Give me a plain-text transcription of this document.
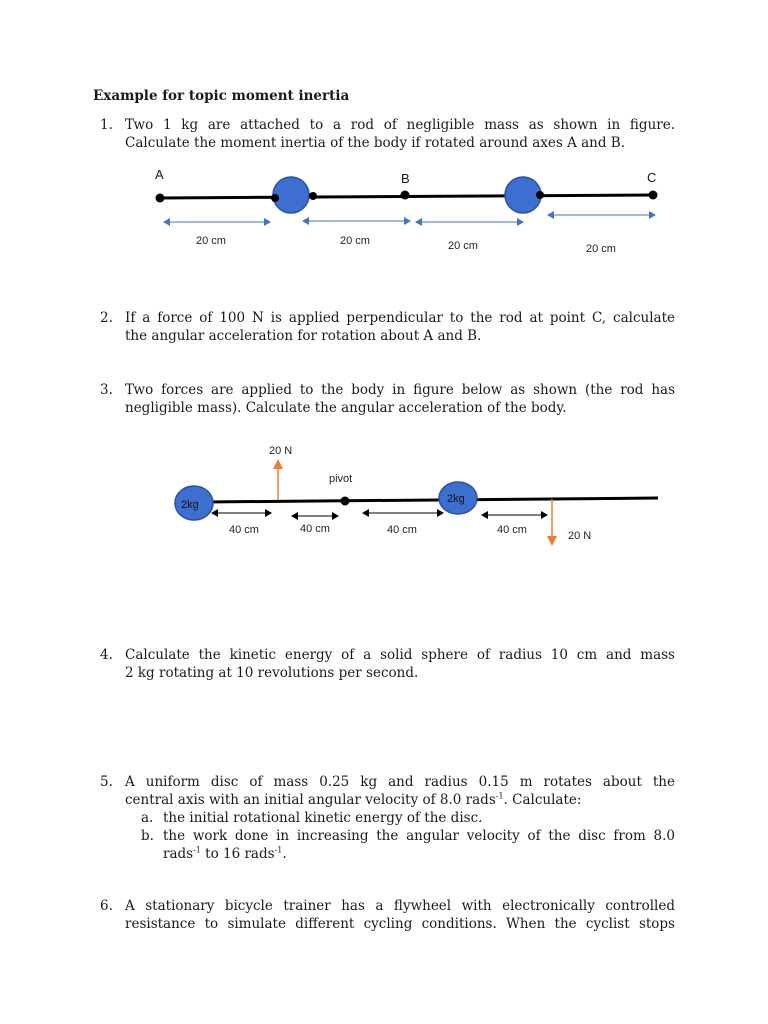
Example for topic moment inertia
1. Two 1 kg are attached to a rod of negligible mass as shown in figure.
Calculate the moment inertia of the body if rotated around axes A and B.
A	B	C
20 cm	20 cm	20 cm	20 cm
2. If a force of 100 N is applied perpendicular to the rod at point C, calculate
the angular acceleration for rotation about A and B.
3. Two forces are applied to the body in figure below as shown (the rod has
negligible mass). Calculate the angular acceleration of the body.
2kg	2kg
pivot
20 N
20 N
40 cm	40 cm	40 cm	40 cm
4. Calculate the kinetic energy of a solid sphere of radius 10 cm and mass
2 kg rotating at 10 revolutions per second.
5. A uniform disc of mass 0.25 kg and radius 0.15 m rotates about the
central axis with an initial angular velocity of 8.0 rads$^{-1}$. Calculate:
a. the initial rotational kinetic energy of the disc.
b. the work done in increasing the angular velocity of the disc from 8.0
rads$^{-1}$ to 16 rads$^{-1}$.
6. A stationary bicycle trainer has a flywheel with electronically controlled
resistance to simulate different cycling conditions. When the cyclist stops
